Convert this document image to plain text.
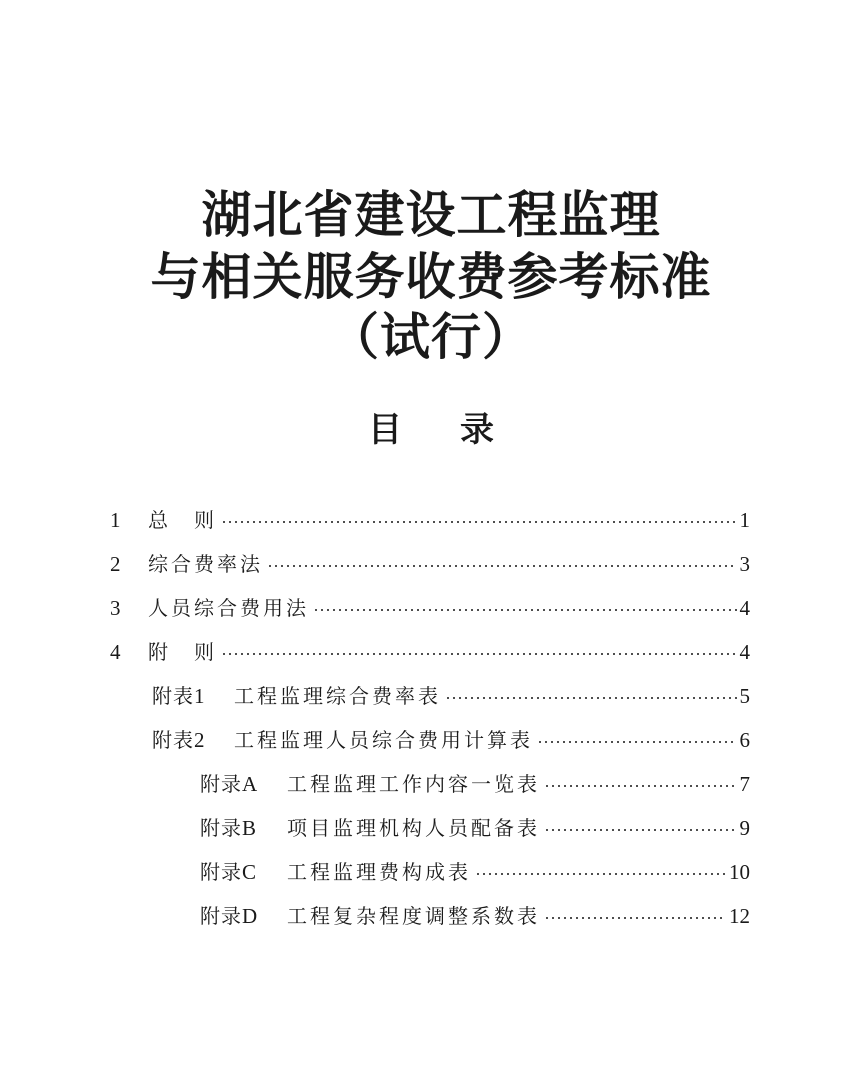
湖北省建设工程监理
与相关服务收费参考标准
（试行）
目 录
1	总　则	1
2	综合费率法	3
3	人员综合费用法	4
4	附　则	4
附表1	工程监理综合费率表	5
附表2	工程监理人员综合费用计算表	6
附录A	工程监理工作内容一览表	7
附录B	项目监理机构人员配备表	9
附录C	工程监理费构成表	10
附录D	工程复杂程度调整系数表	12
